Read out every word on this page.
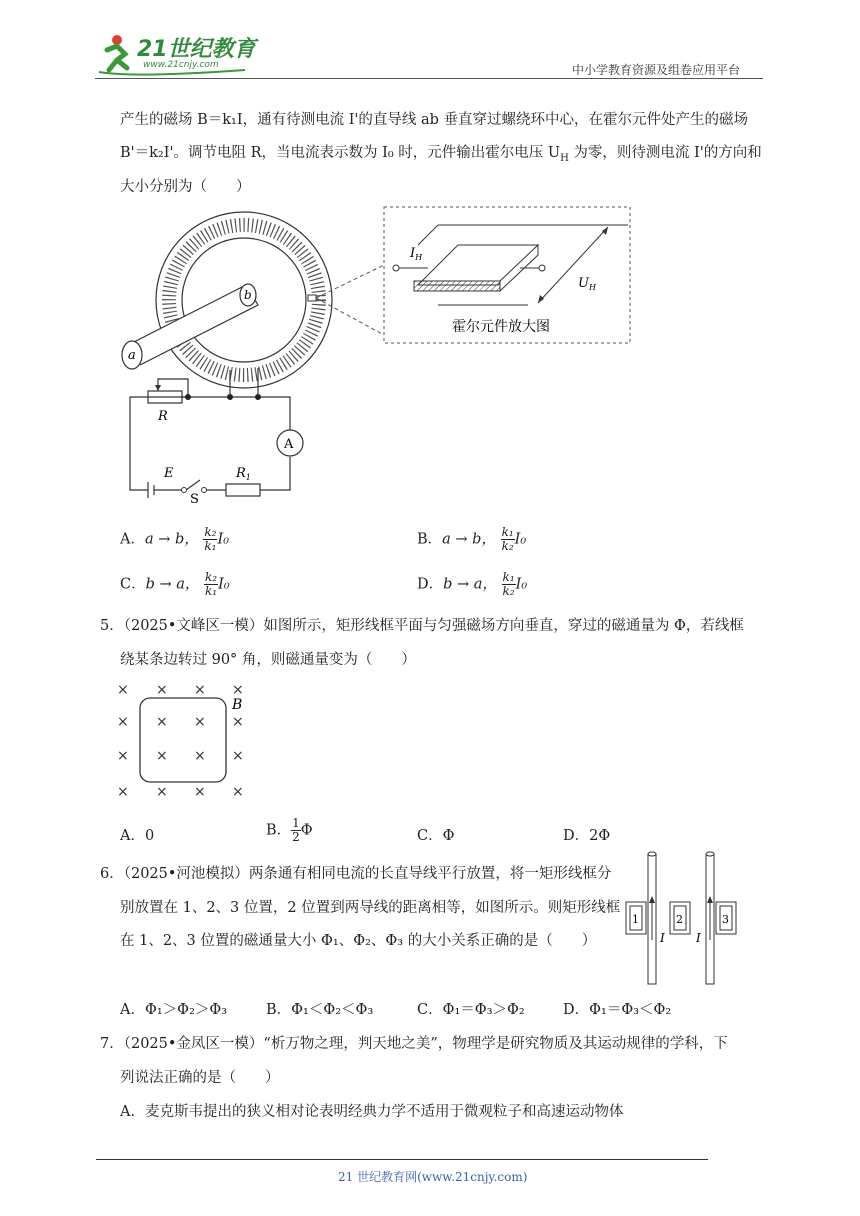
21世纪教育
www.21cnjy.com	中小学教育资源及组卷应用平台
产生的磁场 B＝k₁I，通有待测电流 I'的直导线 ab 垂直穿过螺绕环中心，在霍尔元件处产生的磁场
B'＝k₂I'。调节电阻 R，当电流表示数为 I₀ 时，元件输出霍尔电压 $U_H$ 为零，则待测电流 I'的方向和
大小分别为（　　）
a
b
$I_H$
$U_H$
霍尔元件放大图
A
R
E
S
$R_1$
A．a → b， $\frac{\text{k₂}}{\text{k₁}} I_0$	B．a → b， $\frac{\text{k₁}}{\text{k₂}} I_0$
C．b → a， $\frac{\text{k₂}}{\text{k₁}} I_0$	D．b → a， $\frac{\text{k₁}}{\text{k₂}} I_0$
5．（2025•文峰区一模）如图所示，矩形线框平面与匀强磁场方向垂直，穿过的磁通量为 Φ，若线框
绕某条边转过 90° 角，则磁通量变为（　　）
× × × ×
× × × ×
× × × ×
× × × ×
B
A．0	B． $\frac{1}{2}$ Φ	C．Φ	D．2Φ
6．（2025•河池模拟）两条通有相同电流的长直导线平行放置，将一矩形线框分
别放置在 1、2、3 位置，2 位置到两导线的距离相等，如图所示。则矩形线框
在 1、2、3 位置的磁通量大小 Φ₁、Φ₂、Φ₃ 的大小关系正确的是（　　）
1	2	3
I	I
A．Φ₁＞Φ₂＞Φ₃	B．Φ₁＜Φ₂＜Φ₃	C．Φ₁＝Φ₃＞Φ₂	D．Φ₁＝Φ₃＜Φ₂
7．（2025•金凤区一模）“析万物之理，判天地之美”，物理学是研究物质及其运动规律的学科，下
列说法正确的是（　　）
A．麦克斯韦提出的狭义相对论表明经典力学不适用于微观粒子和高速运动物体
21 世纪教育网(www.21cnjy.com)
